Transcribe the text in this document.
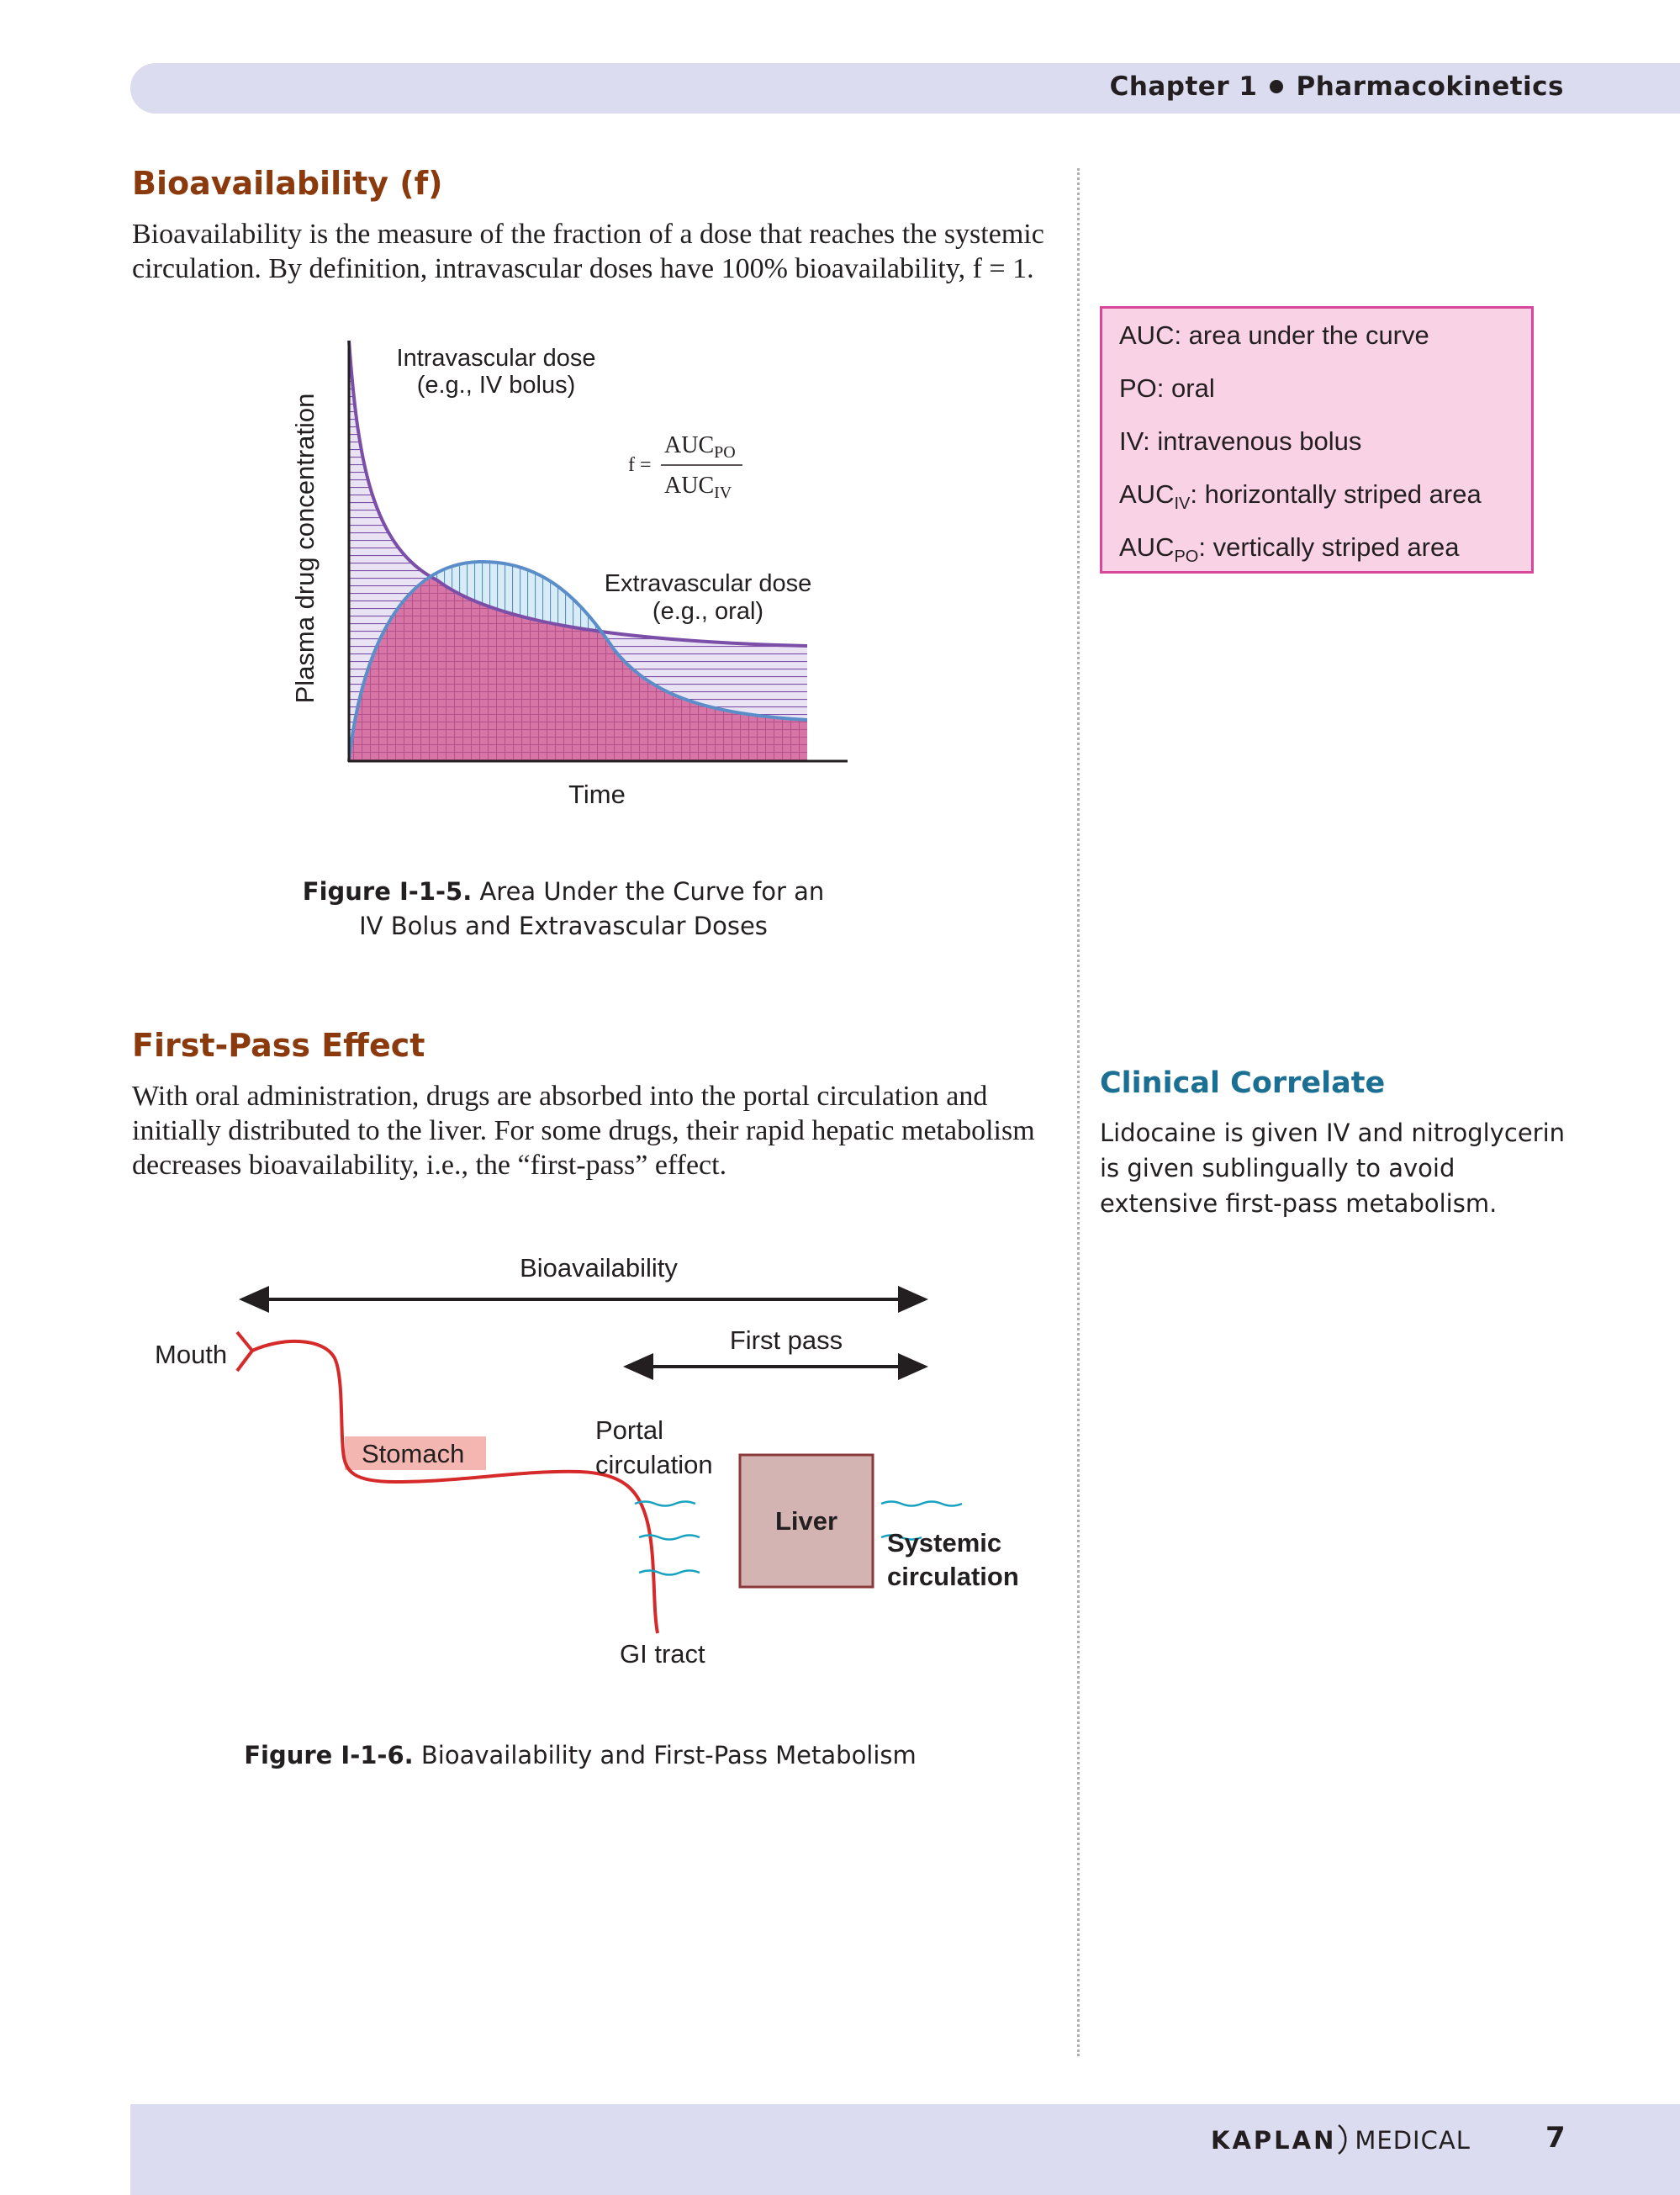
Chapter 1 Pharmacokinetics
Bioavailability (f)
Bioavailability is the measure of the fraction of a dose that reaches the systemic
circulation. By definition, intravascular doses have 100% bioavailability, f = 1.
Plasma drug concentration
Time
Intravascular dose
(e.g., IV bolus)
Extravascular dose
(e.g., oral)
f =
$AUC_{PO}$
$AUC_{IV}$
Figure I-1-5. Area Under the Curve for an
IV Bolus and Extravascular Doses
AUC: area under the curve
PO: oral
IV: intravenous bolus
$AUC_{IV}$: horizontally striped area
$AUC_{PO}$: vertically striped area
First-Pass Effect
With oral administration, drugs are absorbed into the portal circulation and
initially distributed to the liver. For some drugs, their rapid hepatic metabolism
decreases bioavailability, i.e., the “first-pass” effect.
Clinical Correlate
Lidocaine is given IV and nitroglycerin
is given sublingually to avoid
extensive first-pass metabolism.
Bioavailability
First pass
Mouth
Stomach
Portal
circulation
Liver
Systemic
circulation
GI tract
Figure I-1-6. Bioavailability and First-Pass Metabolism
KAPLAN MEDICAL	7
